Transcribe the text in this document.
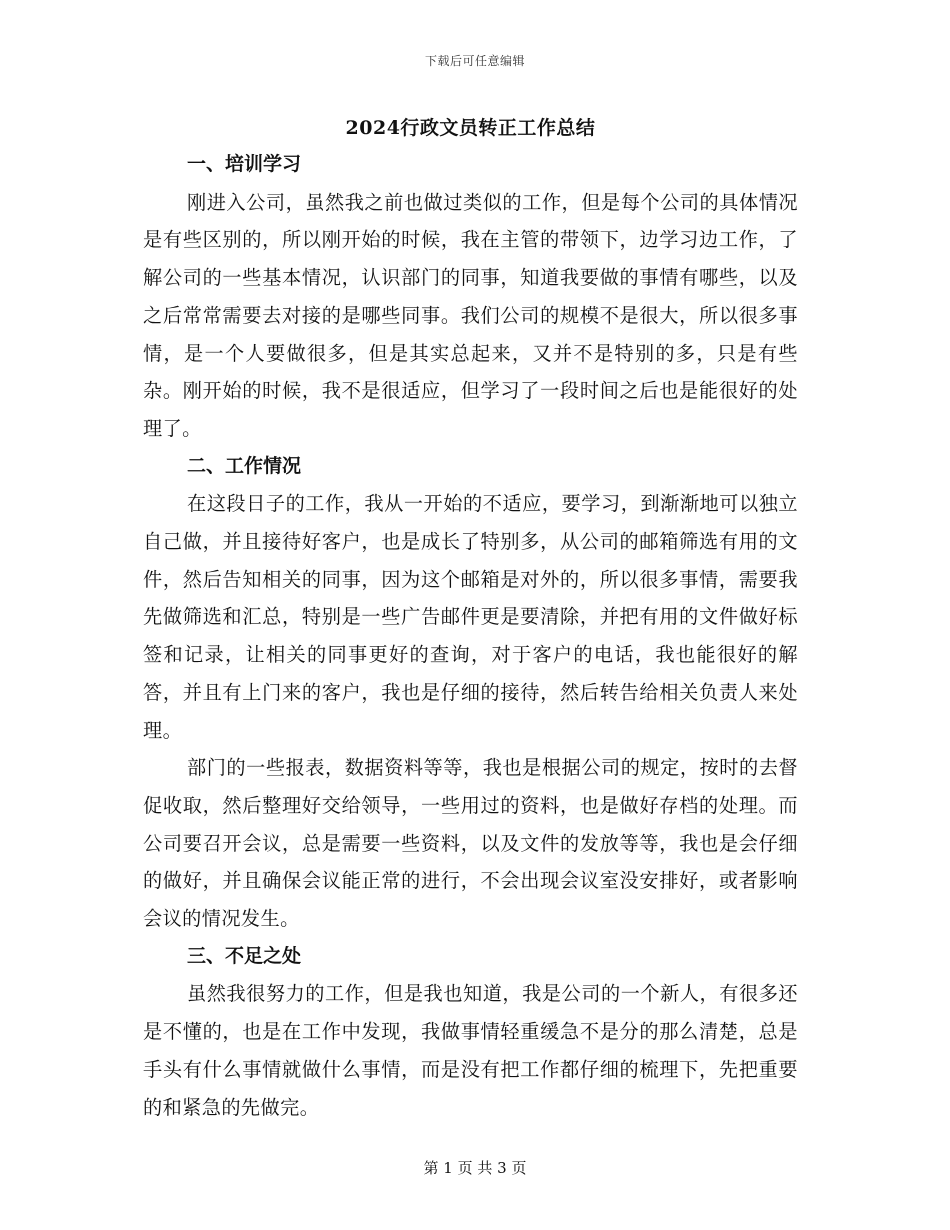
下载后可任意编辑
2024行政文员转正工作总结
一、培训学习

刚进入公司，虽然我之前也做过类似的工作，但是每个公司的具体情况是有些区别的，所以刚开始的时候，我在主管的带领下，边学习边工作，了解公司的一些基本情况，认识部门的同事，知道我要做的事情有哪些，以及之后常常需要去对接的是哪些同事。我们公司的规模不是很大，所以很多事情，是一个人要做很多，但是其实总起来，又并不是特别的多，只是有些杂。刚开始的时候，我不是很适应，但学习了一段时间之后也是能很好的处理了。

二、工作情况

在这段日子的工作，我从一开始的不适应，要学习，到渐渐地可以独立自己做，并且接待好客户，也是成长了特别多，从公司的邮箱筛选有用的文件，然后告知相关的同事，因为这个邮箱是对外的，所以很多事情，需要我先做筛选和汇总，特别是一些广告邮件更是要清除，并把有用的文件做好标签和记录，让相关的同事更好的查询，对于客户的电话，我也能很好的解答，并且有上门来的客户，我也是仔细的接待，然后转告给相关负责人来处理。

部门的一些报表，数据资料等等，我也是根据公司的规定，按时的去督促收取，然后整理好交给领导，一些用过的资料，也是做好存档的处理。而公司要召开会议，总是需要一些资料，以及文件的发放等等，我也是会仔细的做好，并且确保会议能正常的进行，不会出现会议室没安排好，或者影响会议的情况发生。

三、不足之处

虽然我很努力的工作，但是我也知道，我是公司的一个新人，有很多还是不懂的，也是在工作中发现，我做事情轻重缓急不是分的那么清楚，总是手头有什么事情就做什么事情，而是没有把工作都仔细的梳理下，先把重要的和紧急的先做完。

第 1 页 共 3 页
